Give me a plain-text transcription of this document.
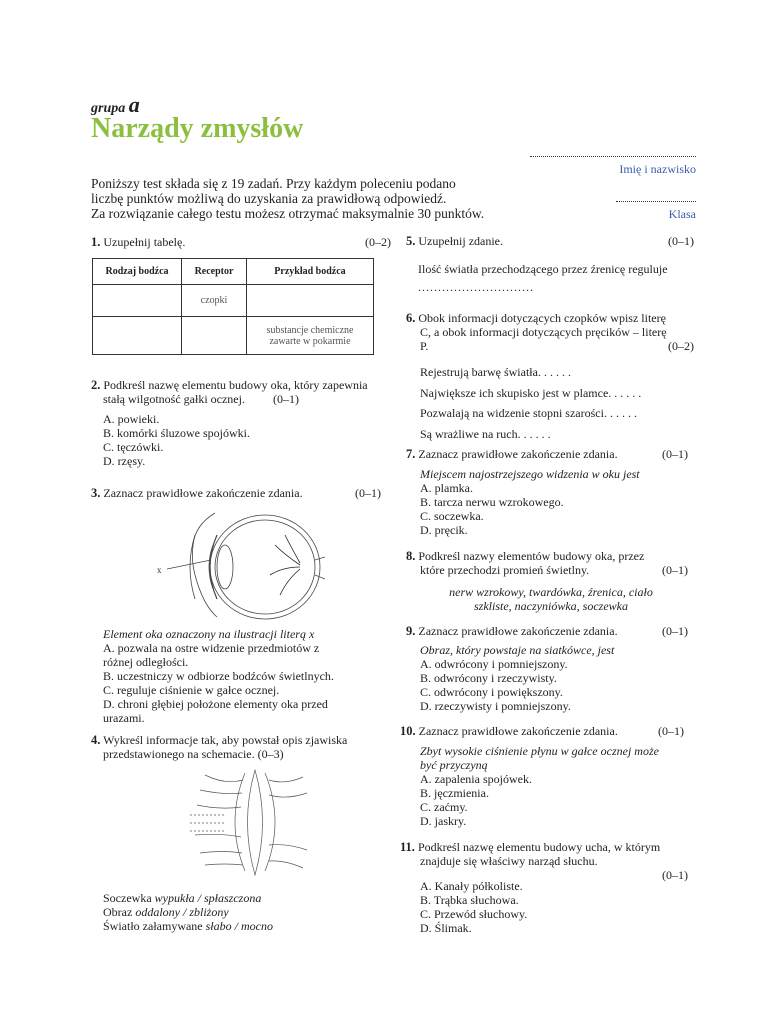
grupa a
Narządy zmysłów
Imię i nazwisko
Klasa
Poniższy test składa się z 19 zadań. Przy każdym poleceniu podano
liczbę punktów możliwą do uzyskania za prawidłową odpowiedź.
Za rozwiązanie całego testu możesz otrzymać maksymalnie 30 punktów.
1. Uzupełnij tabelę.	(0–2)
Rodzaj bodźca	Receptor	Przykład bodźca
	czopki	
		substancje chemiczne zawarte w pokarmie
2. Podkreśl nazwę elementu budowy oka, który zapewnia
stałą wilgotność gałki ocznej. (0–1)
A. powieki.
B. komórki śluzowe spojówki.
C. tęczówki.
D. rzęsy.
3. Zaznacz prawidłowe zakończenie zdania.	(0–1)
x
Element oka oznaczony na ilustracji literą x
A. pozwala na ostre widzenie przedmiotów z
różnej odległości.
B. uczestniczy w odbiorze bodźców świetlnych.
C. reguluje ciśnienie w gałce ocznej.
D. chroni głębiej położone elementy oka przed
urazami.
4. Wykreśl informacje tak, aby powstał opis zjawiska
przedstawionego na schemacie. (0–3)
Soczewka wypukła / spłaszczona
Obraz oddalony / zbliżony
Światło załamywane słabo / mocno
5. Uzupełnij zdanie.	(0–1)
Ilość światła przechodzącego przez źrenicę reguluje
.............................
6. Obok informacji dotyczących czopków wpisz literę
C, a obok informacji dotyczących pręcików – literę
P.	(0–2)
Rejestrują barwę światła. . . . . .
Największe ich skupisko jest w plamce. . . . . .
Pozwalają na widzenie stopni szarości. . . . . .
Są wrażliwe na ruch. . . . . .
7. Zaznacz prawidłowe zakończenie zdania.	(0–1)
Miejscem najostrzejszego widzenia w oku jest
A. plamka.
B. tarcza nerwu wzrokowego.
C. soczewka.
D. pręcik.
8. Podkreśl nazwy elementów budowy oka, przez
które przechodzi promień świetlny.	(0–1)
nerw wzrokowy, twardówka, źrenica, ciało
szkliste, naczyniówka, soczewka
9. Zaznacz prawidłowe zakończenie zdania.	(0–1)
Obraz, który powstaje na siatkówce, jest
A. odwrócony i pomniejszony.
B. odwrócony i rzeczywisty.
C. odwrócony i powiększony.
D. rzeczywisty i pomniejszony.
10. Zaznacz prawidłowe zakończenie zdania.	(0–1)
Zbyt wysokie ciśnienie płynu w gałce ocznej może
być przyczyną
A. zapalenia spojówek.
B. jęczmienia.
C. zaćmy.
D. jaskry.
11. Podkreśl nazwę elementu budowy ucha, w którym
znajduje się właściwy narząd słuchu.
(0–1)
A. Kanały półkoliste.
B. Trąbka słuchowa.
C. Przewód słuchowy.
D. Ślimak.
